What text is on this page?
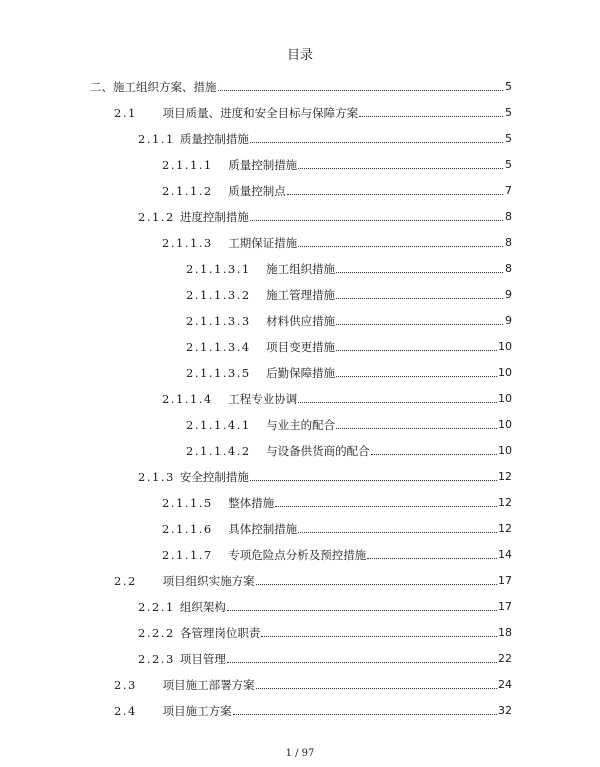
目录
二、施工组织方案、措施	5
2.1 项目质量、进度和安全目标与保障方案	5
2.1.1 质量控制措施	5
2.1.1.1 质量控制措施	5
2.1.1.2 质量控制点	7
2.1.2 进度控制措施	8
2.1.1.3 工期保证措施	8
2.1.1.3.1 施工组织措施	8
2.1.1.3.2 施工管理措施	9
2.1.1.3.3 材料供应措施	9
2.1.1.3.4 项目变更措施	10
2.1.1.3.5 后勤保障措施	10
2.1.1.4 工程专业协调	10
2.1.1.4.1 与业主的配合	10
2.1.1.4.2 与设备供货商的配合	10
2.1.3 安全控制措施	12
2.1.1.5 整体措施	12
2.1.1.6 具体控制措施	12
2.1.1.7 专项危险点分析及预控措施	14
2.2 项目组织实施方案	17
2.2.1 组织架构	17
2.2.2 各管理岗位职责	18
2.2.3 项目管理	22
2.3 项目施工部署方案	24
2.4 项目施工方案	32
1 / 97
